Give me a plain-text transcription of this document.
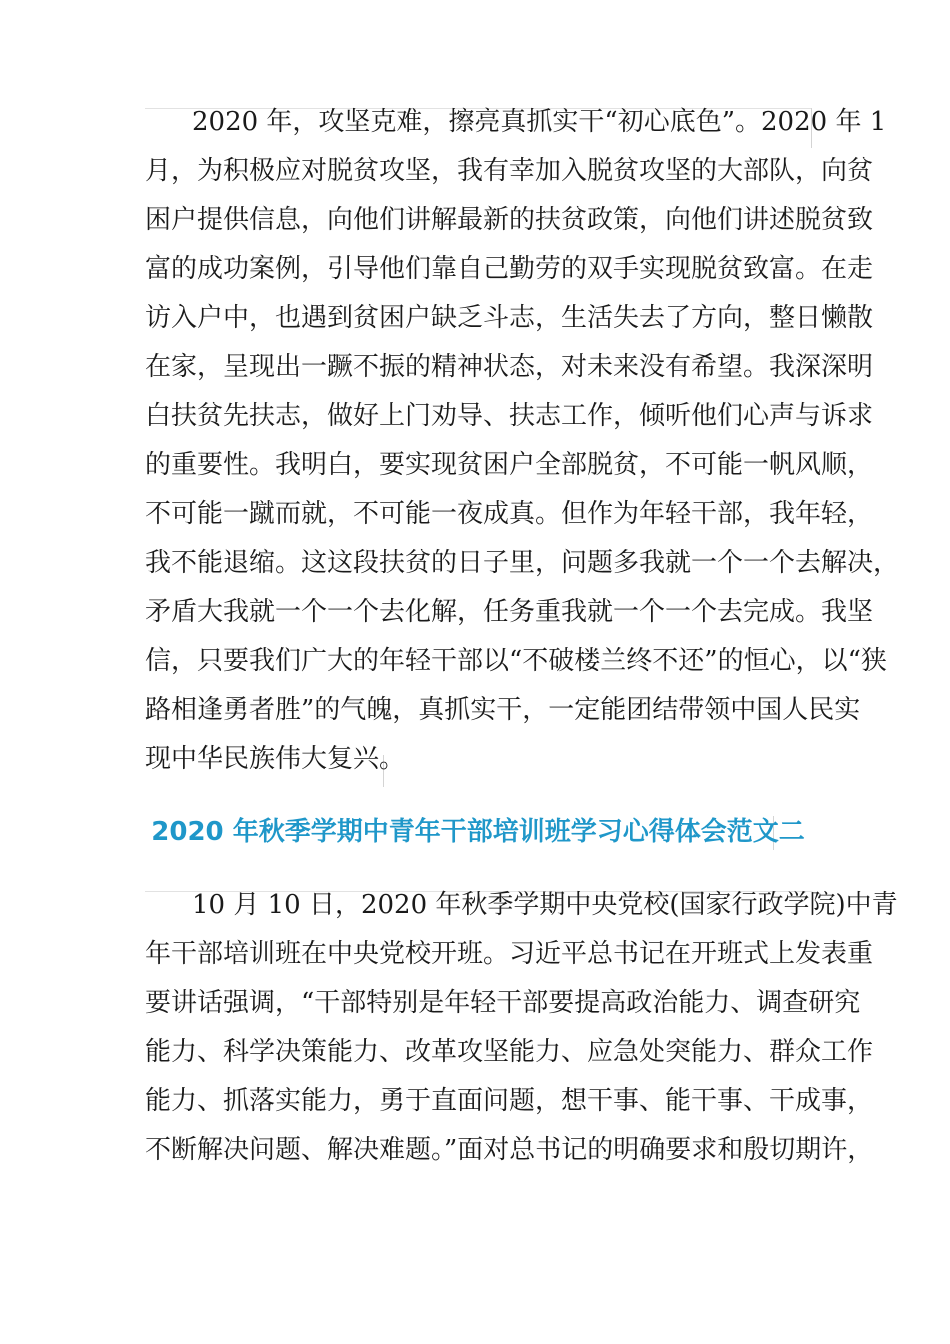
2020 年，攻坚克难，擦亮真抓实干“初心底色”。2020 年 1
月，为积极应对脱贫攻坚，我有幸加入脱贫攻坚的大部队，向贫
困户提供信息，向他们讲解最新的扶贫政策，向他们讲述脱贫致
富的成功案例，引导他们靠自己勤劳的双手实现脱贫致富。在走
访入户中，也遇到贫困户缺乏斗志，生活失去了方向，整日懒散
在家，呈现出一蹶不振的精神状态，对未来没有希望。我深深明
白扶贫先扶志，做好上门劝导、扶志工作，倾听他们心声与诉求
的重要性。我明白，要实现贫困户全部脱贫，不可能一帆风顺，
不可能一蹴而就，不可能一夜成真。但作为年轻干部，我年轻，
我不能退缩。这这段扶贫的日子里，问题多我就一个一个去解决，
矛盾大我就一个一个去化解，任务重我就一个一个去完成。我坚
信，只要我们广大的年轻干部以“不破楼兰终不还”的恒心，以“狭
路相逢勇者胜”的气魄，真抓实干，一定能团结带领中国人民实
现中华民族伟大复兴。
2020 年秋季学期中青年干部培训班学习心得体会范文二
10 月 10 日，2020 年秋季学期中央党校(国家行政学院)中青
年干部培训班在中央党校开班。习近平总书记在开班式上发表重
要讲话强调，“干部特别是年轻干部要提高政治能力、调查研究
能力、科学决策能力、改革攻坚能力、应急处突能力、群众工作
能力、抓落实能力，勇于直面问题，想干事、能干事、干成事，
不断解决问题、解决难题。”面对总书记的明确要求和殷切期许，
